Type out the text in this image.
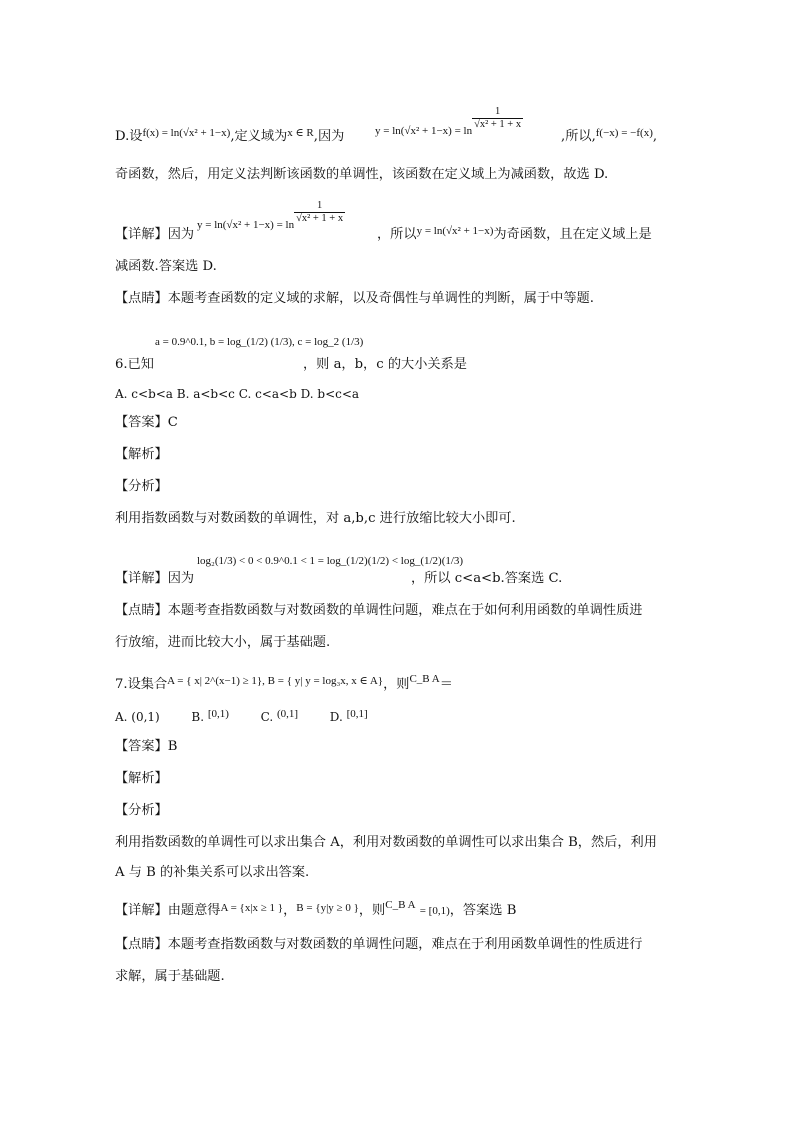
D.设$^{f(x) = ln(√x^2 + 1-x)}$,定义域为$^{x \in R}$,因为	$_{y = ln(√x^2 + 1-x) = ln} \frac{1}{\text{√x² + 1 + x}}$
,所以,$^{f(-x) = -f(x)}$,
奇函数，然后，用定义法判断该函数的单调性，该函数在定义域上为减函数，故选 D.
【详解】因为
$_{y = ln(√x^2 + 1-x) = ln} \frac{1}{\text{√x² + 1 + x}}$
，所以$^{y = ln(√x^2 + 1-x)}$为奇函数，且在定义域上是
减函数.答案选 D.
【点睛】本题考查函数的定义域的求解，以及奇偶性与单调性的判断，属于中等题.
6.已知
a = 0.9^0.1, b = log_(1/2) (1/3), c = log_2 (1/3)
，则 a，b，c 的大小关系是
A. c<b<a B. a<b<c C. c<a<b D. b<c<a
【答案】C
【解析】
【分析】
利用指数函数与对数函数的单调性，对 a,b,c 进行放缩比较大小即可.
【详解】因为
log₂(1/3) < 0 < 0.9^0.1 < 1 = log_(1/2)(1/2) < log_(1/2)(1/3)
，所以 c<a<b.答案选 C.
【点睛】本题考查指数函数与对数函数的单调性问题，难点在于如何利用函数的单调性质进
行放缩，进而比较大小，属于基础题.
7.设集合$^{A = \{ x| 2\^{}(x-1) \ge 1\}, B = \{ y| y = log_3x, x \in A\}}$，则$^{C\_B A}$＝
A. (0,1)	B. [0,1)	C. (0,1]	D. [0,1]
【答案】B
【解析】
【分析】
利用指数函数的单调性可以求出集合 A，利用对数函数的单调性可以求出集合 B，然后，利用
A 与 B 的补集关系可以求出答案.
【详解】由题意得$^{A = \{x|x \ge 1 \}}$，$^{B = \{y|y \ge 0 \}}$，则$^{C\_B A}$ = [0,1)，答案选 B
【点睛】本题考查指数函数与对数函数的单调性问题，难点在于利用函数单调性的性质进行
求解，属于基础题.
